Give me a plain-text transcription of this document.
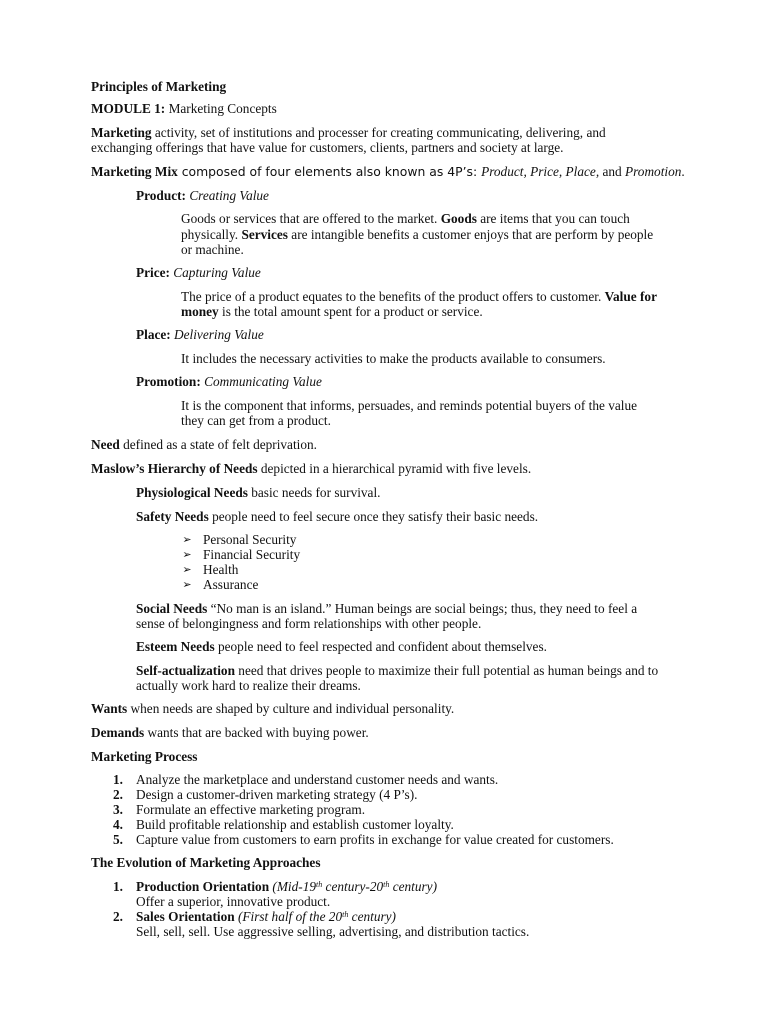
Principles of Marketing
MODULE 1: Marketing Concepts
Marketing activity, set of institutions and processer for creating communicating, delivering, and
exchanging offerings that have value for customers, clients, partners and society at large.
Marketing Mix composed of four elements also known as 4P’s: Product, Price, Place, and Promotion.
Product: Creating Value
Goods or services that are offered to the market. Goods are items that you can touch
physically. Services are intangible benefits a customer enjoys that are perform by people
or machine.
Price: Capturing Value
The price of a product equates to the benefits of the product offers to customer. Value for
money is the total amount spent for a product or service.
Place: Delivering Value
It includes the necessary activities to make the products available to consumers.
Promotion: Communicating Value
It is the component that informs, persuades, and reminds potential buyers of the value
they can get from a product.
Need defined as a state of felt deprivation.
Maslow’s Hierarchy of Needs depicted in a hierarchical pyramid with five levels.
Physiological Needs basic needs for survival.
Safety Needs people need to feel secure once they satisfy their basic needs.
➢ Personal Security
➢ Financial Security
➢ Health
➢ Assurance
Social Needs “No man is an island.” Human beings are social beings; thus, they need to feel a
sense of belongingness and form relationships with other people.
Esteem Needs people need to feel respected and confident about themselves.
Self-actualization need that drives people to maximize their full potential as human beings and to
actually work hard to realize their dreams.
Wants when needs are shaped by culture and individual personality.
Demands wants that are backed with buying power.
Marketing Process
1. Analyze the marketplace and understand customer needs and wants.
2. Design a customer-driven marketing strategy (4 P’s).
3. Formulate an effective marketing program.
4. Build profitable relationship and establish customer loyalty.
5. Capture value from customers to earn profits in exchange for value created for customers.
The Evolution of Marketing Approaches
1. Production Orientation (Mid-19th century-20th century)
Offer a superior, innovative product.
2. Sales Orientation (First half of the 20th century)
Sell, sell, sell. Use aggressive selling, advertising, and distribution tactics.
